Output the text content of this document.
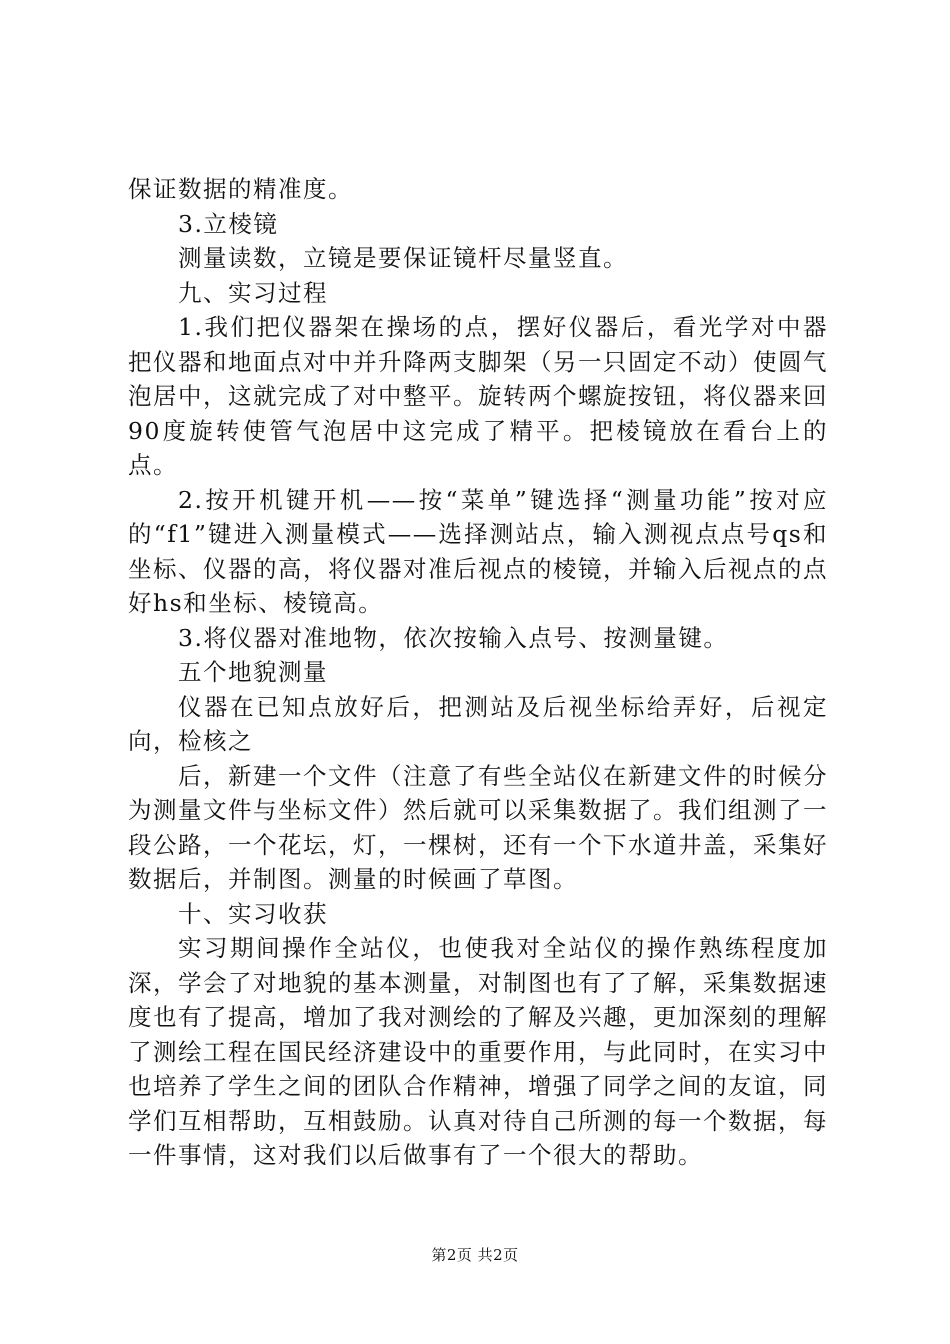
保证数据的精准度。

3.立棱镜

测量读数，立镜是要保证镜杆尽量竖直。

九、实习过程

1.我们把仪器架在操场的点，摆好仪器后，看光学对中器把仪器和地面点对中并升降两支脚架（另一只固定不动）使圆气泡居中，这就完成了对中整平。旋转两个螺旋按钮，将仪器来回90度旋转使管气泡居中这完成了精平。把棱镜放在看台上的点。

2.按开机键开机——按“菜单”键选择“测量功能”按对应的“f1”键进入测量模式——选择测站点，输入测视点点号qs和坐标、仪器的高，将仪器对准后视点的棱镜，并输入后视点的点好hs和坐标、棱镜高。

3.将仪器对准地物，依次按输入点号、按测量键。

五个地貌测量

仪器在已知点放好后，把测站及后视坐标给弄好，后视定向，检核之

后，新建一个文件（注意了有些全站仪在新建文件的时候分为测量文件与坐标文件）然后就可以采集数据了。我们组测了一段公路，一个花坛，灯，一棵树，还有一个下水道井盖，采集好数据后，并制图。测量的时候画了草图。

十、实习收获

实习期间操作全站仪，也使我对全站仪的操作熟练程度加深，学会了对地貌的基本测量，对制图也有了了解，采集数据速度也有了提高，增加了我对测绘的了解及兴趣，更加深刻的理解了测绘工程在国民经济建设中的重要作用，与此同时，在实习中也培养了学生之间的团队合作精神，增强了同学之间的友谊，同学们互相帮助，互相鼓励。认真对待自己所测的每一个数据，每一件事情，这对我们以后做事有了一个很大的帮助。

第2页 共2页
